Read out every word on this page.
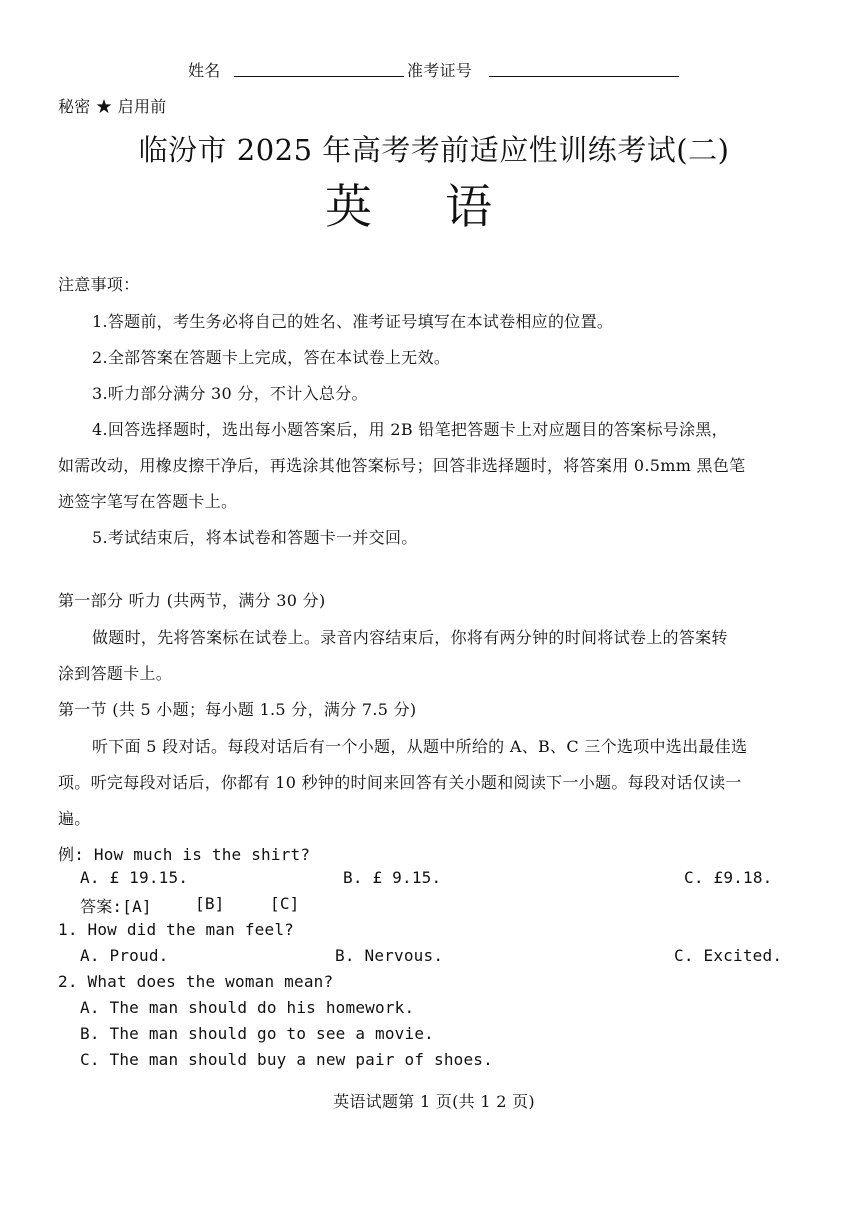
姓名	准考证号
秘密 ★ 启用前
临汾市 2025 年高考考前适应性训练考试(二)
英 语
注意事项：
1.答题前，考生务必将自己的姓名、准考证号填写在本试卷相应的位置。
2.全部答案在答题卡上完成，答在本试卷上无效。
3.听力部分满分 30 分，不计入总分。
4.回答选择题时，选出每小题答案后，用 2B 铅笔把答题卡上对应题目的答案标号涂黑，
如需改动，用橡皮擦干净后，再选涂其他答案标号；回答非选择题时，将答案用 0.5mm 黑色笔
迹签字笔写在答题卡上。
5.考试结束后，将本试卷和答题卡一并交回。
第一部分 听力 (共两节，满分 30 分)
做题时，先将答案标在试卷上。录音内容结束后，你将有两分钟的时间将试卷上的答案转
涂到答题卡上。
第一节 (共 5 小题；每小题 1.5 分，满分 7.5 分)
听下面 5 段对话。每段对话后有一个小题，从题中所给的 A、B、C 三个选项中选出最佳选
项。听完每段对话后，你都有 10 秒钟的时间来回答有关小题和阅读下一小题。每段对话仅读一
遍。
例: How much is the shirt?
A. £ 19.15.	B. £ 9.15.	C. £9.18.
答案:[A]	[B]	[C]
1. How did the man feel?
A. Proud.	B. Nervous.	C. Excited.
2. What does the woman mean?
A. The man should do his homework.
B. The man should go to see a movie.
C. The man should buy a new pair of shoes.
英语试题第 1 页(共 1 2 页)
